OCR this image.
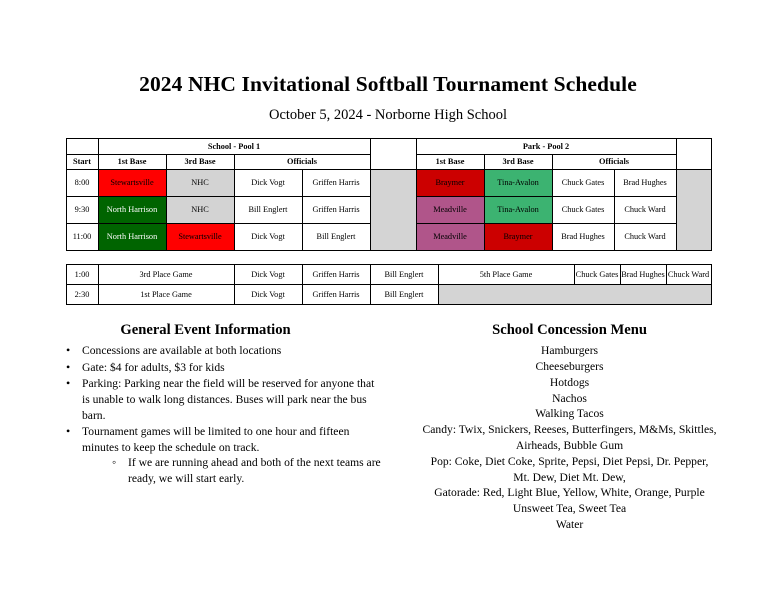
2024 NHC Invitational Softball Tournament Schedule
October 5, 2024 - Norborne High School
	School - Pool 1					Park - Pool 2				
Start	1st Base	3rd Base	Officials			1st Base	3rd Base	Officials		
8:00	Stewartsville	NHC	Dick Vogt	Griffen Harris		Braymer	Tina-Avalon	Chuck Gates	Brad Hughes	
9:30	North Harrison	NHC	Bill Englert	Griffen Harris		Meadville	Tina-Avalon	Chuck Gates	Chuck Ward	
11:00	North Harrison	Stewartsville	Dick Vogt	Bill Englert		Meadville	Braymer	Brad Hughes	Chuck Ward	
1:00	3rd Place Game	Dick Vogt	Griffen Harris	Bill Englert	5th Place Game	Chuck Gates	Brad Hughes	Chuck Ward
2:30	1st Place Game	Dick Vogt	Griffen Harris	Bill Englert				
General Event Information
• Concessions are available at both locations
• Gate: $4 for adults, $3 for kids
• Parking: Parking near the field will be reserved for anyone that is unable to walk long distances. Buses will park near the bus barn.
• Tournament games will be limited to one hour and fifteen minutes to keep the schedule on track.
◦ If we are running ahead and both of the next teams are ready, we will start early.
School Concession Menu
Hamburgers
Cheeseburgers
Hotdogs
Nachos
Walking Tacos
Candy: Twix, Snickers, Reeses, Butterfingers, M&Ms, Skittles,
Airheads, Bubble Gum
Pop: Coke, Diet Coke, Sprite, Pepsi, Diet Pepsi, Dr. Pepper,
Mt. Dew, Diet Mt. Dew,
Gatorade: Red, Light Blue, Yellow, White, Orange, Purple
Unsweet Tea, Sweet Tea
Water
